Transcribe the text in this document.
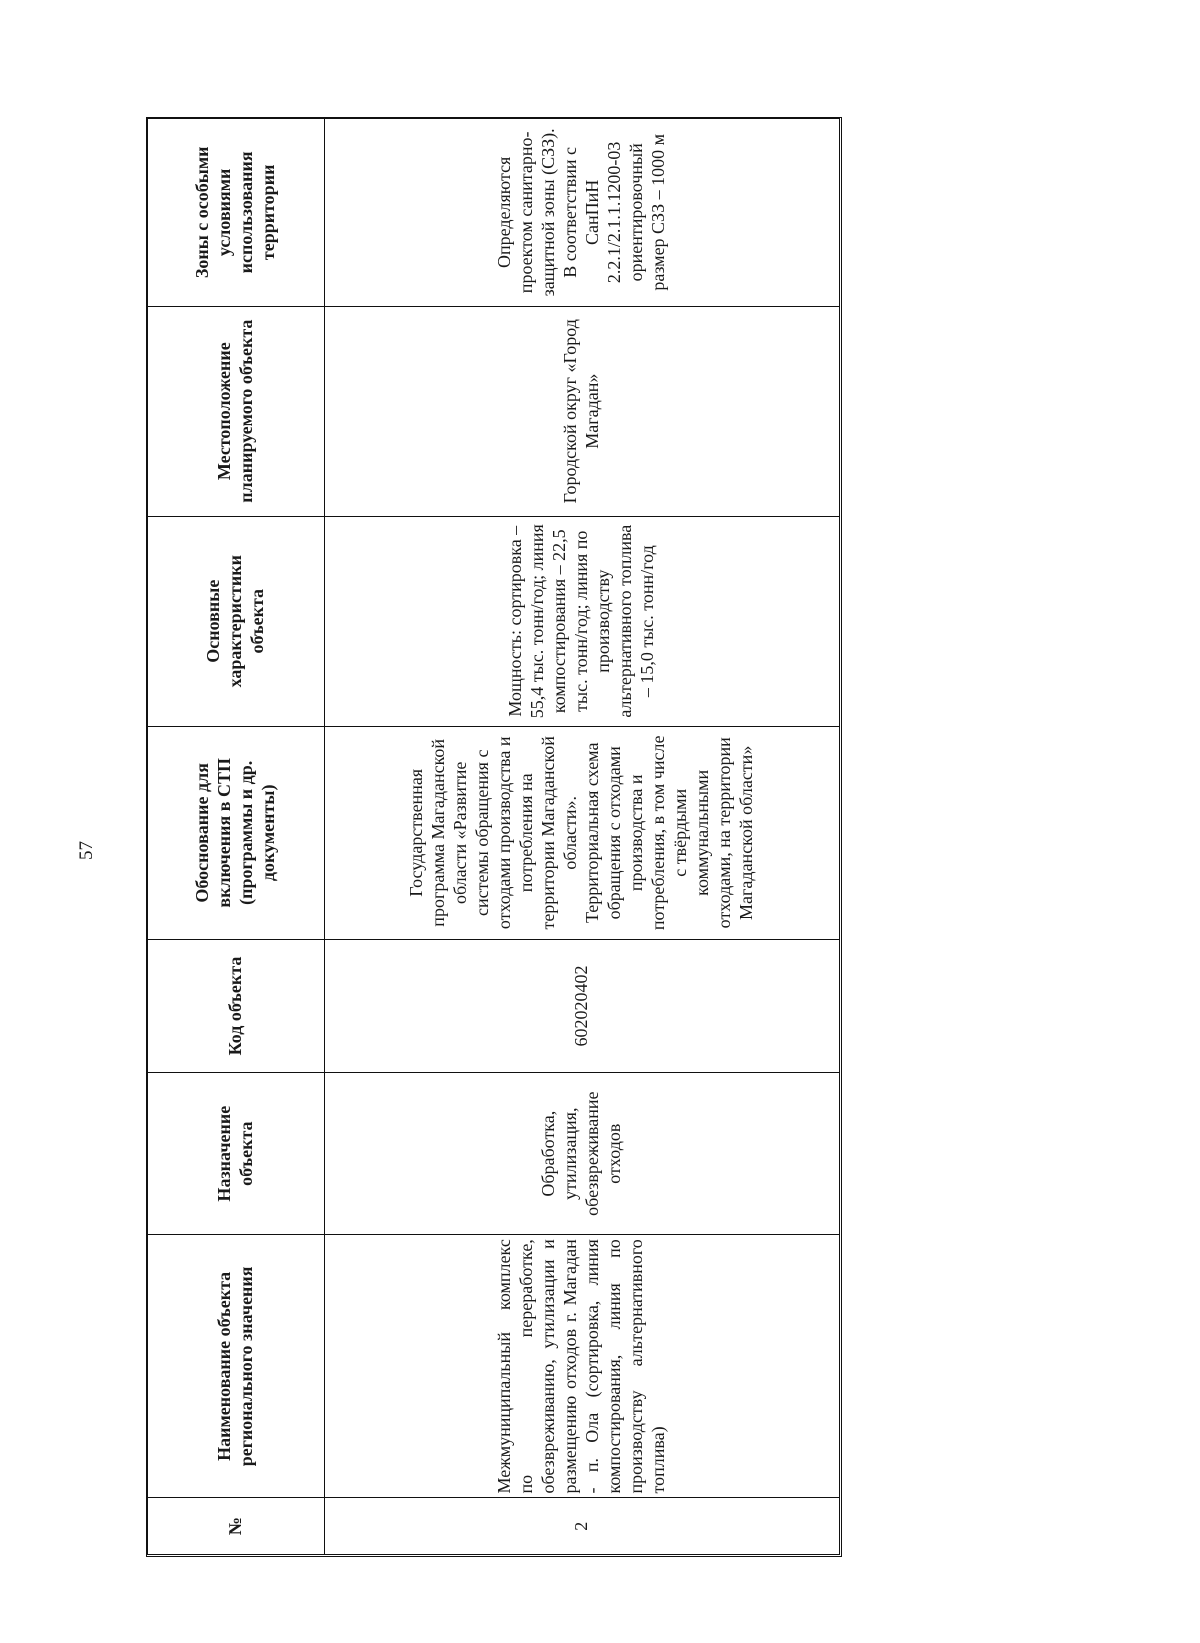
57
№	Наименование объекта регионального значения	Назначение объекта	Код объекта	Обоснование для включения в СТП (программы и др. документы)	Основные характеристики объекта	Местоположение планируемого объекта	Зоны с особыми условиями использования территории
2	Межмуниципальный комплекс по переработке, обезвреживанию, утилизации и размещению отходов г. Магадан - п. Ола (сортировка, линия компостирования, линия по производству альтернативного топлива)	Обработка, утилизация, обезвреживание отходов	602020402	Государственная программа Магаданской области «Развитие системы обращения с отходами производства и потребления на территории Магаданской области». Территориальная схема обращения с отходами производства и потребления, в том числе с твёрдыми коммунальными отходами, на территории Магаданской области»	Мощность: сортировка – 55,4 тыс. тонн/год; линия компостирования – 22,5 тыс. тонн/год; линия по производству альтернативного топлива – 15,0 тыс. тонн/год	Городской округ «Город Магадан»	Определяются проектом санитарно-защитной зоны (СЗЗ). В соответствии с СанПиН 2.2.1/2.1.1.1200-03 ориентировочный размер СЗЗ – 1000 м
